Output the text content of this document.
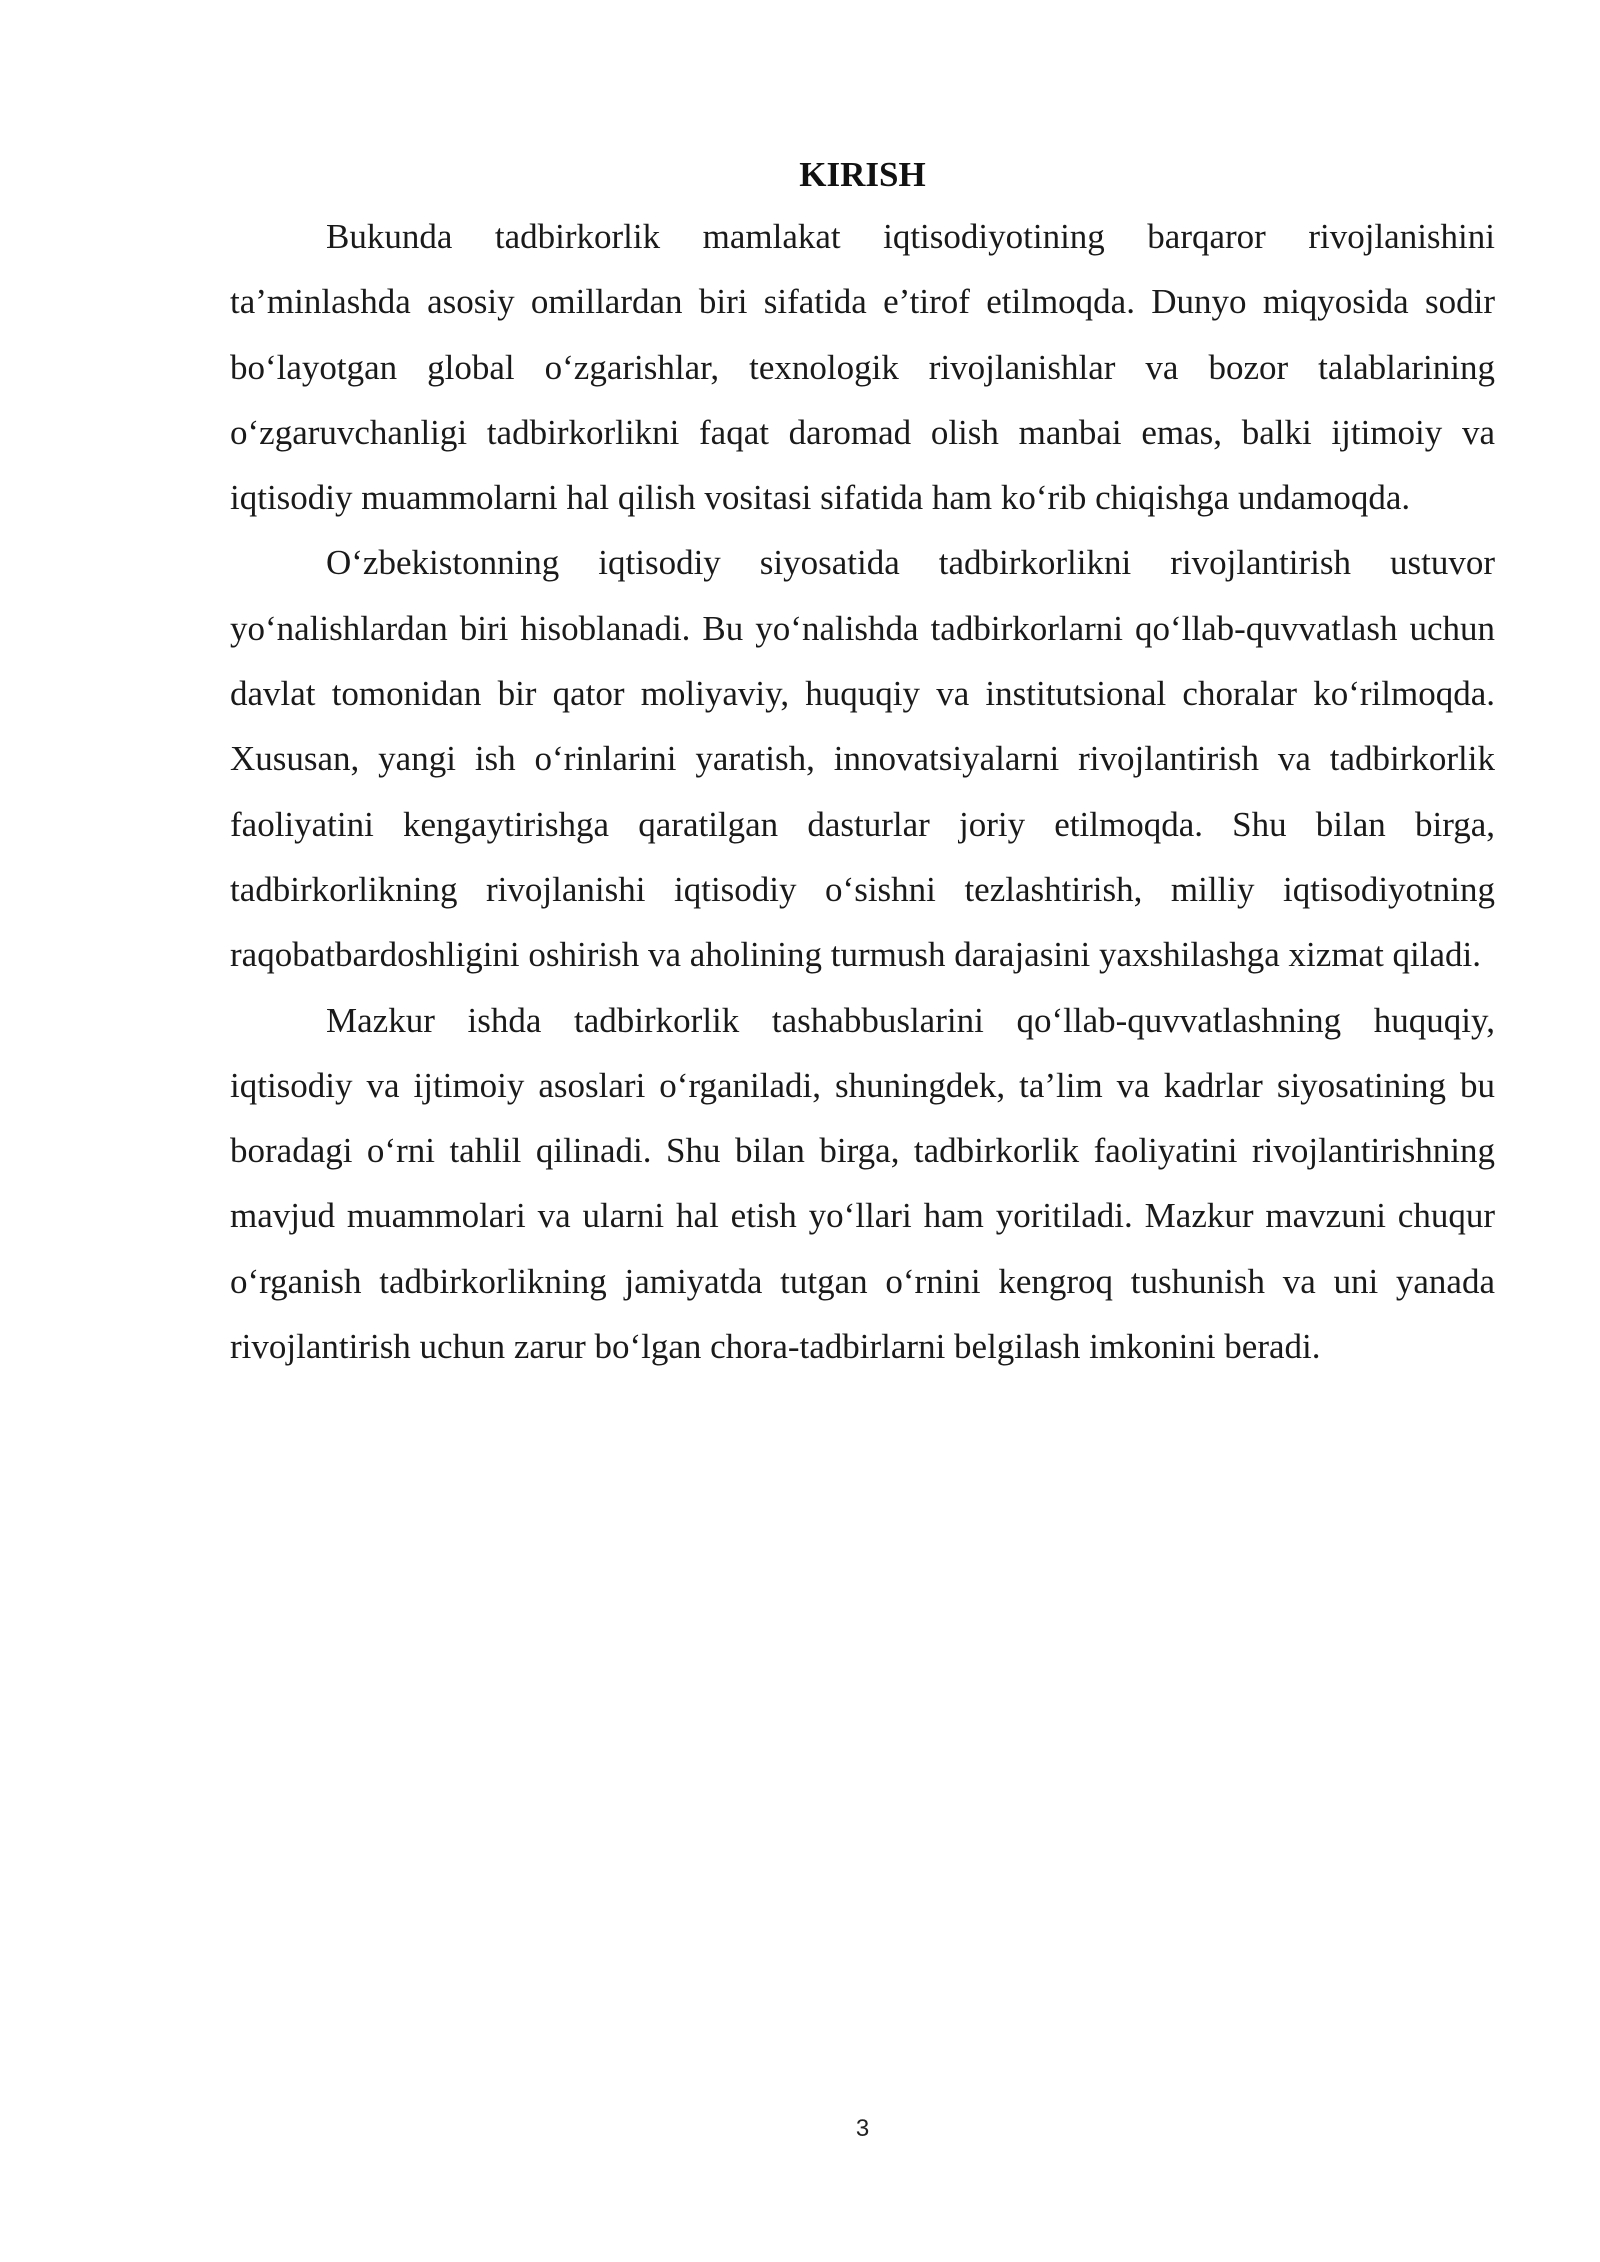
KIRISH

Bukunda tadbirkorlik mamlakat iqtisodiyotining barqaror rivojlanishini ta’minlashda asosiy omillardan biri sifatida e’tirof etilmoqda. Dunyo miqyosida sodir bo‘layotgan global o‘zgarishlar, texnologik rivojlanishlar va bozor talablarining o‘zgaruvchanligi tadbirkorlikni faqat daromad olish manbai emas, balki ijtimoiy va iqtisodiy muammolarni hal qilish vositasi sifatida ham ko‘rib chiqishga undamoqda.

O‘zbekistonning iqtisodiy siyosatida tadbirkorlikni rivojlantirish ustuvor yo‘nalishlardan biri hisoblanadi. Bu yo‘nalishda tadbirkorlarni qo‘llab-quvvatlash uchun davlat tomonidan bir qator moliyaviy, huquqiy va institutsional choralar ko‘rilmoqda. Xususan, yangi ish o‘rinlarini yaratish, innovatsiyalarni rivojlantirish va tadbirkorlik faoliyatini kengaytirishga qaratilgan dasturlar joriy etilmoqda. Shu bilan birga, tadbirkorlikning rivojlanishi iqtisodiy o‘sishni tezlashtirish, milliy iqtisodiyotning raqobatbardoshligini oshirish va aholining turmush darajasini yaxshilashga xizmat qiladi.

Mazkur ishda tadbirkorlik tashabbuslarini qo‘llab-quvvatlashning huquqiy, iqtisodiy va ijtimoiy asoslari o‘rganiladi, shuningdek, ta’lim va kadrlar siyosatining bu boradagi o‘rni tahlil qilinadi. Shu bilan birga, tadbirkorlik faoliyatini rivojlantirishning mavjud muammolari va ularni hal etish yo‘llari ham yoritiladi. Mazkur mavzuni chuqur o‘rganish tadbirkorlikning jamiyatda tutgan o‘rnini kengroq tushunish va uni yanada rivojlantirish uchun zarur bo‘lgan chora-tadbirlarni belgilash imkonini beradi.

3
